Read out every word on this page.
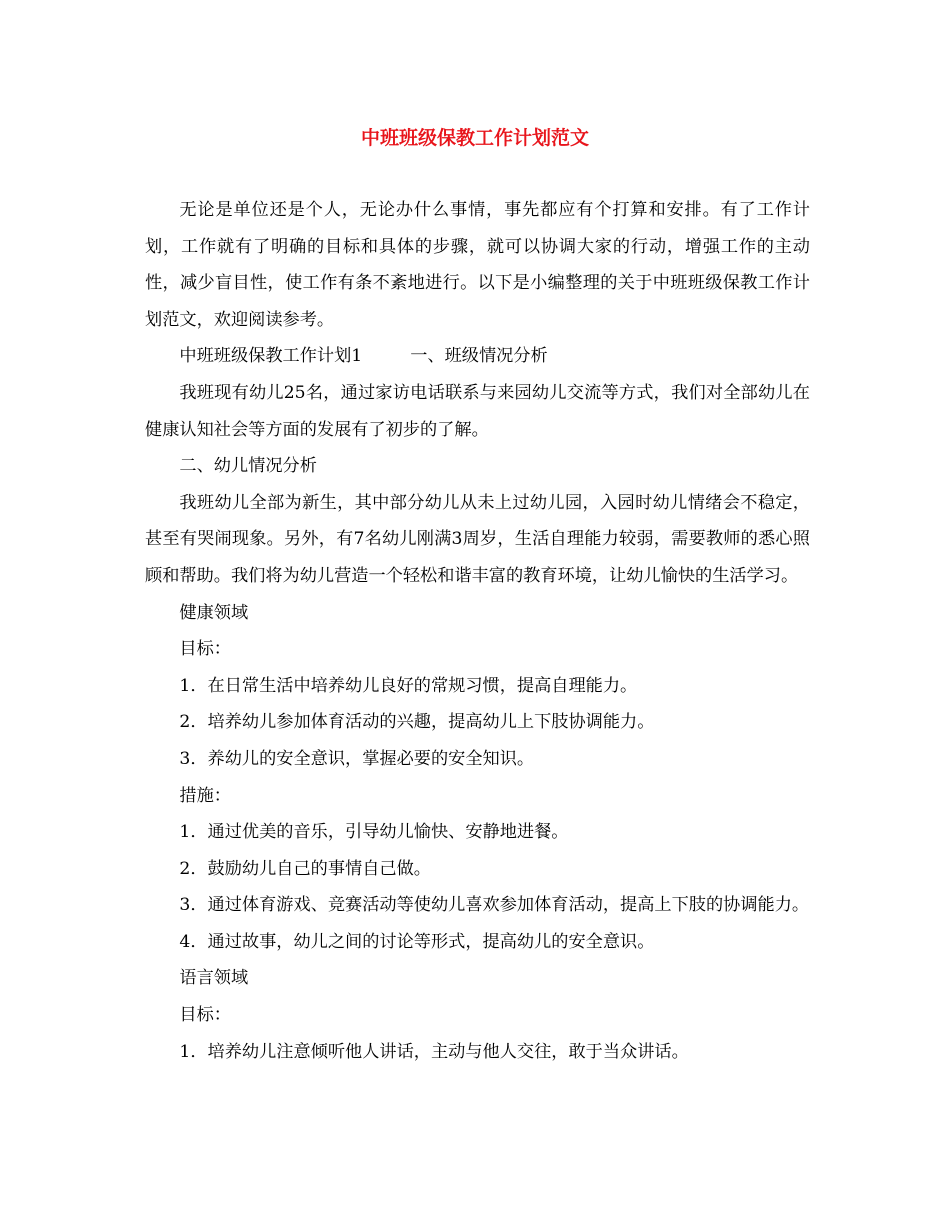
中班班级保教工作计划范文

无论是单位还是个人，无论办什么事情，事先都应有个打算和安排。有了工作计划，工作就有了明确的目标和具体的步骤，就可以协调大家的行动，增强工作的主动性，减少盲目性，使工作有条不紊地进行。以下是小编整理的关于中班班级保教工作计划范文，欢迎阅读参考。

中班班级保教工作计划1	一、班级情况分析

我班现有幼儿25名，通过家访电话联系与来园幼儿交流等方式，我们对全部幼儿在健康认知社会等方面的发展有了初步的了解。

二、幼儿情况分析

我班幼儿全部为新生，其中部分幼儿从未上过幼儿园，入园时幼儿情绪会不稳定，甚至有哭闹现象。另外，有7名幼儿刚满3周岁，生活自理能力较弱，需要教师的悉心照顾和帮助。我们将为幼儿营造一个轻松和谐丰富的教育环境，让幼儿愉快的生活学习。

健康领域

目标：

1．在日常生活中培养幼儿良好的常规习惯，提高自理能力。

2．培养幼儿参加体育活动的兴趣，提高幼儿上下肢协调能力。

3．养幼儿的安全意识，掌握必要的安全知识。

措施：

1．通过优美的音乐，引导幼儿愉快、安静地进餐。

2．鼓励幼儿自己的事情自己做。

3．通过体育游戏、竞赛活动等使幼儿喜欢参加体育活动，提高上下肢的协调能力。

4．通过故事，幼儿之间的讨论等形式，提高幼儿的安全意识。

语言领域

目标：

1．培养幼儿注意倾听他人讲话，主动与他人交往，敢于当众讲话。
